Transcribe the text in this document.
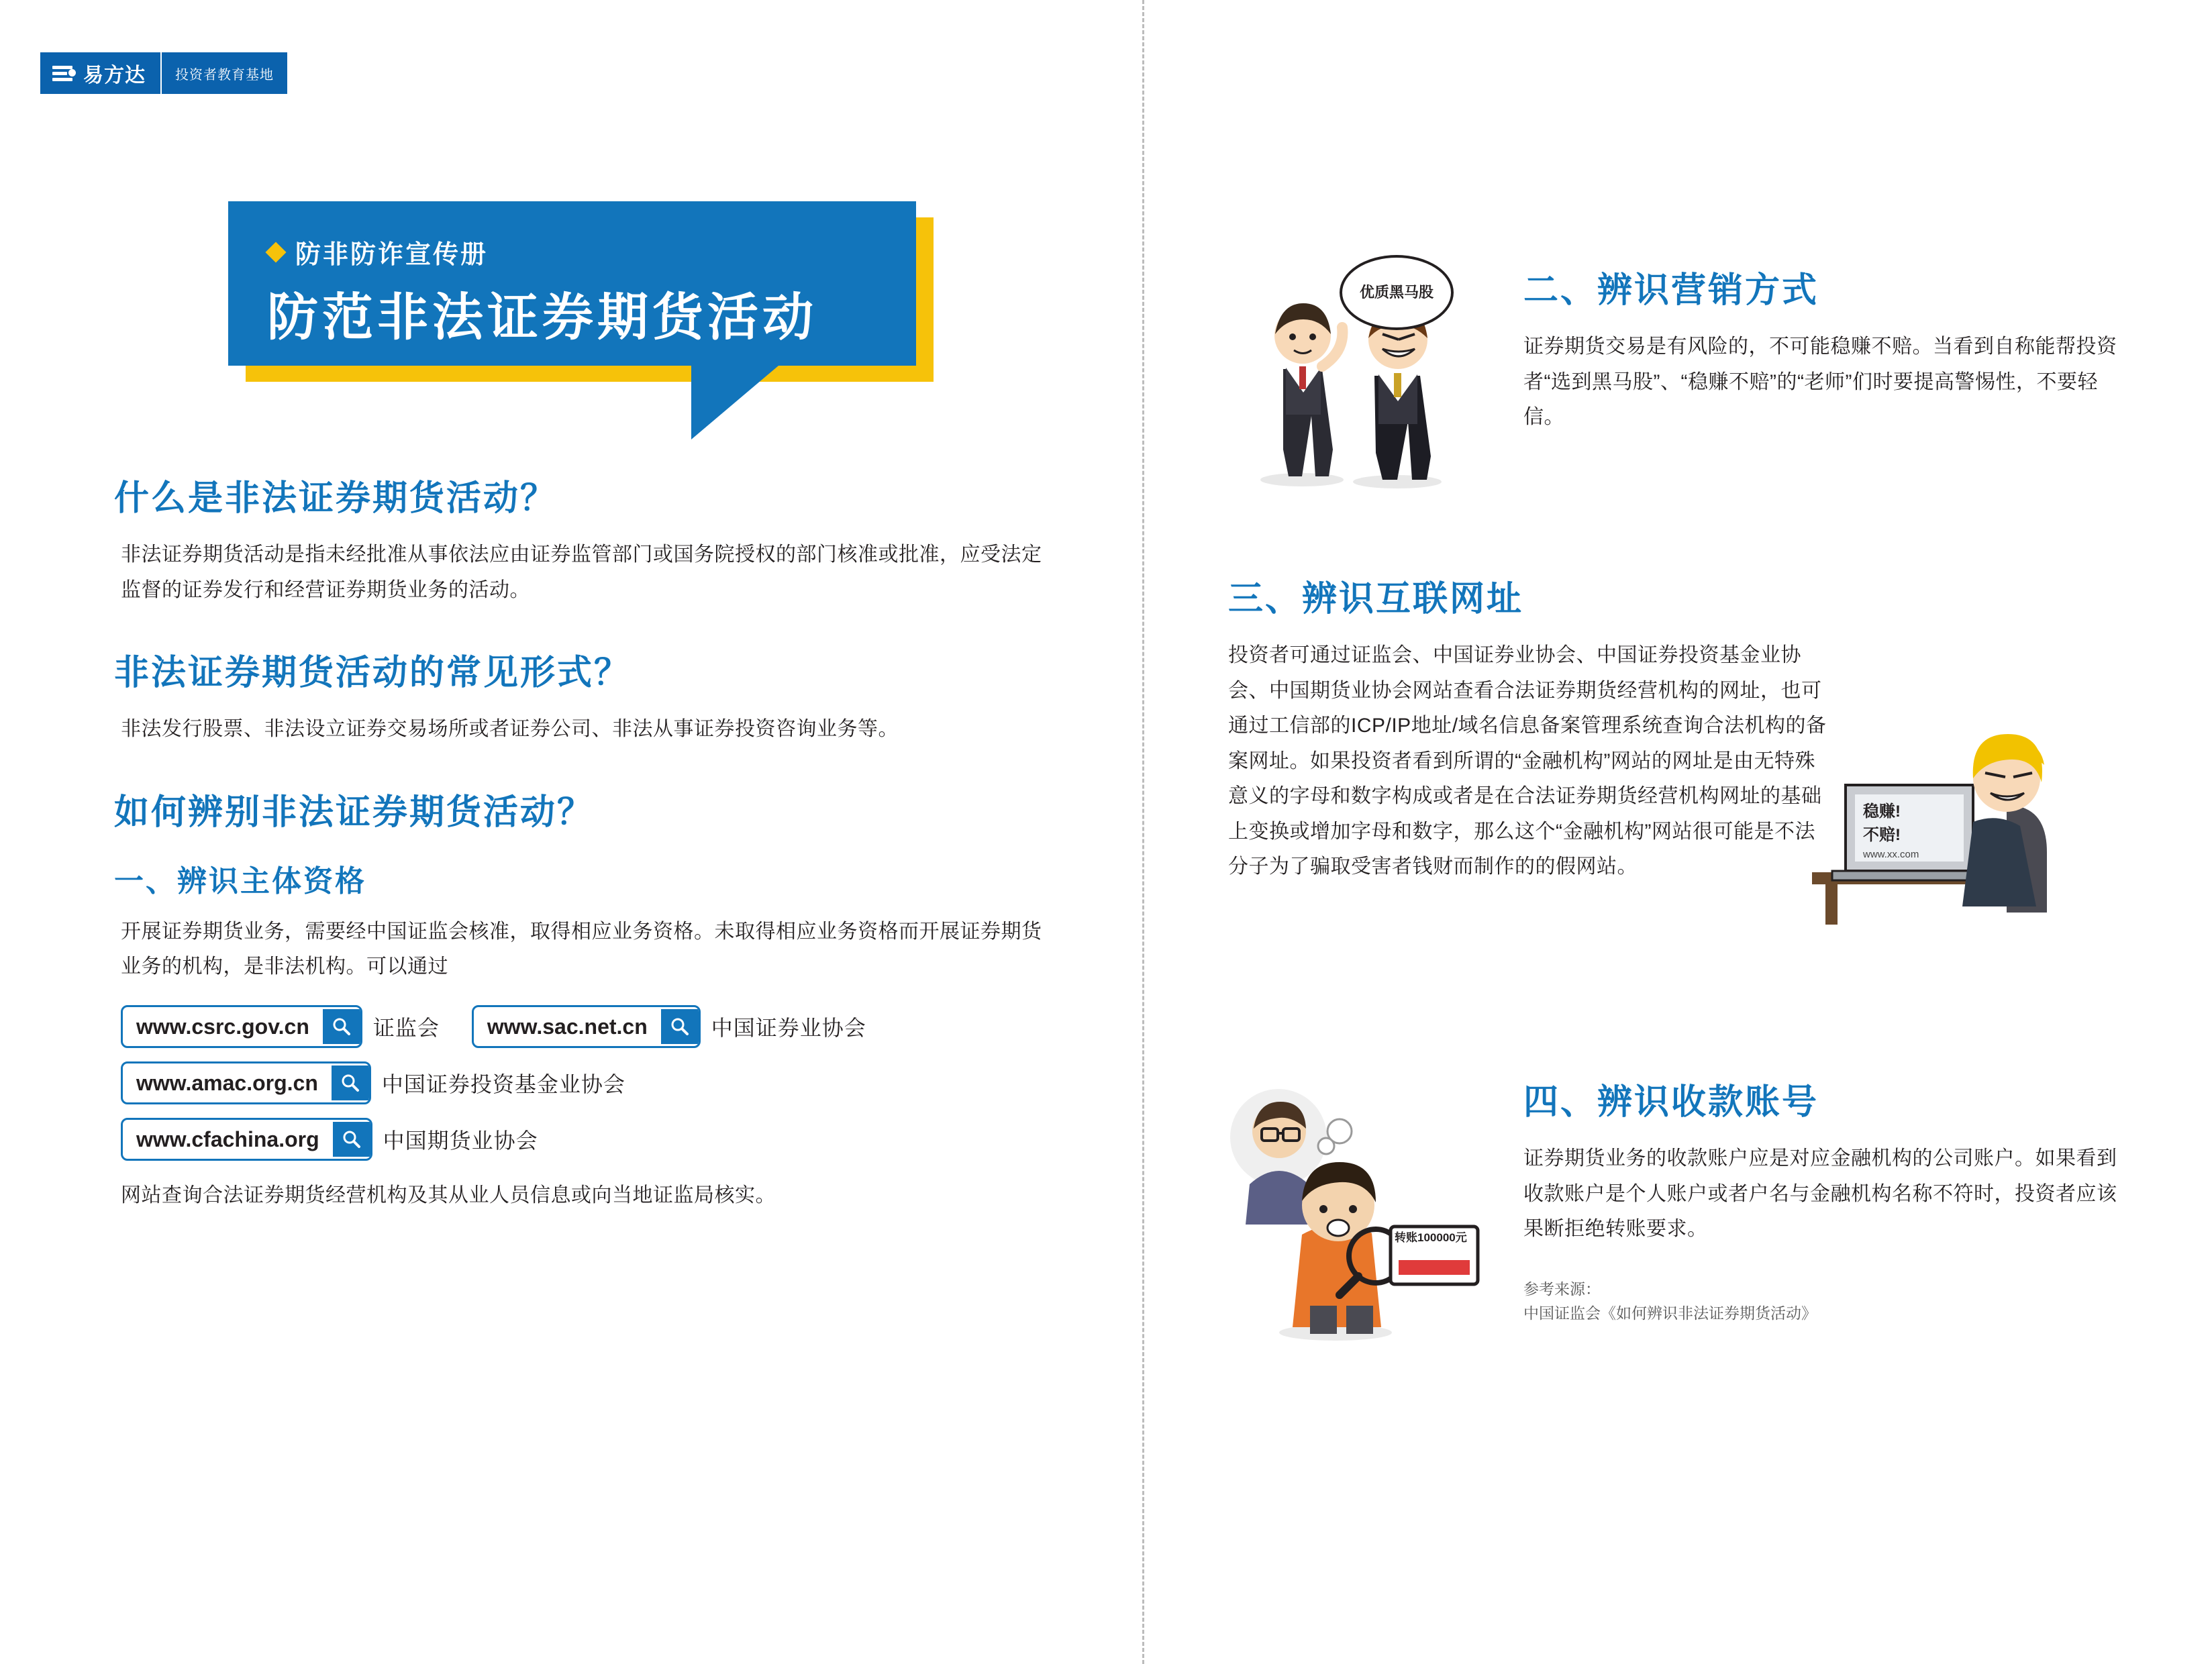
易方达	投资者教育基地
防非防诈宣传册
防范非法证券期货活动
什么是非法证券期货活动？

非法证券期货活动是指未经批准从事依法应由证券监管部门或国务院授权的部门核准或批准，应受法定监督的证券发行和经营证券期货业务的活动。

非法证券期货活动的常见形式？

非法发行股票、非法设立证券交易场所或者证券公司、非法从事证券投资咨询业务等。

如何辨别非法证券期货活动？
一、辨识主体资格

开展证券期货业务，需要经中国证监会核准，取得相应业务资格。未取得相应业务资格而开展证券期货业务的机构，是非法机构。可以通过

www.csrc.gov.cn	证监会	www.sac.net.cn	中国证券业协会
www.amac.org.cn	中国证券投资基金业协会
www.cfachina.org	中国期货业协会

网站查询合法证券期货经营机构及其从业人员信息或向当地证监局核实。

优质黑马股	二、辨识营销方式

证券期货交易是有风险的，不可能稳赚不赔。当看到自称能帮投资者“选到黑马股”、“稳赚不赔”的“老师”们时要提高警惕性，不要轻信。

三、辨识互联网址

投资者可通过证监会、中国证券业协会、中国证券投资基金业协会、中国期货业协会网站查看合法证券期货经营机构的网址，也可通过工信部的ICP/IP地址/域名信息备案管理系统查询合法机构的备案网址。如果投资者看到所谓的“金融机构”网站的网址是由无特殊意义的字母和数字构成或者是在合法证券期货经营机构网址的基础上变换或增加字母和数字，那么这个“金融机构”网站很可能是不法分子为了骗取受害者钱财而制作的的假网站。

稳赚!
不赔!
www.xx.com
转账100000元
四、辨识收款账号

证券期货业务的收款账户应是对应金融机构的公司账户。如果看到收款账户是个人账户或者户名与金融机构名称不符时，投资者应该果断拒绝转账要求。

参考来源：
中国证监会《如何辨识非法证券期货活动》
